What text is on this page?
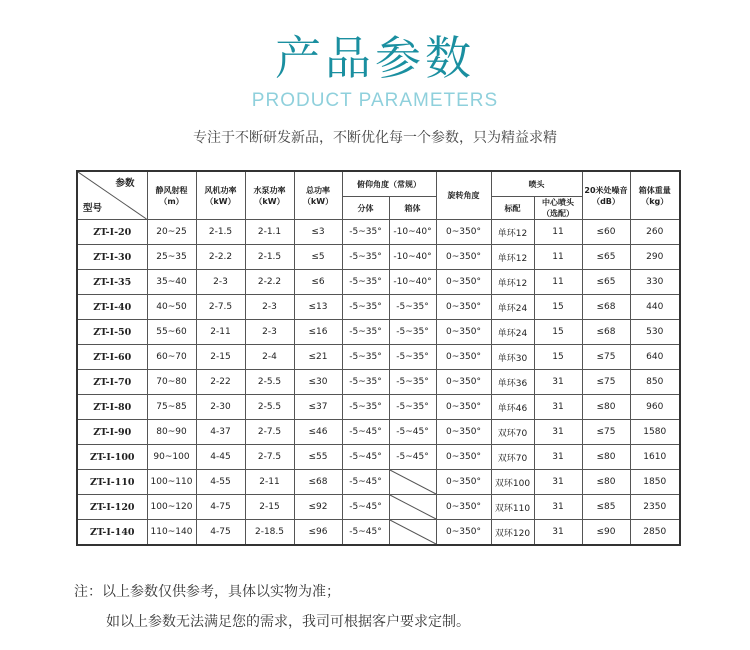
产品参数
PRODUCT PARAMETERS
专注于不断研发新品，不断优化每一个参数，只为精益求精
参数
型号	静风射程（m）	风机功率（kW）	水泵功率（kW）	总功率（kW）	俯仰角度（常规）		旋转角度	喷头		20米处噪音（dB）	箱体重量（kg）
					分体	箱体		标配	中心喷头（选配）		
ZT-I-20	20~25	2-1.5	2-1.1	≤3	-5~35°	-10~40°	0~350°	单环12	11	≤60	260
ZT-I-30	25~35	2-2.2	2-1.5	≤5	-5~35°	-10~40°	0~350°	单环12	11	≤65	290
ZT-I-35	35~40	2-3	2-2.2	≤6	-5~35°	-10~40°	0~350°	单环12	11	≤65	330
ZT-I-40	40~50	2-7.5	2-3	≤13	-5~35°	-5~35°	0~350°	单环24	15	≤68	440
ZT-I-50	55~60	2-11	2-3	≤16	-5~35°	-5~35°	0~350°	单环24	15	≤68	530
ZT-I-60	60~70	2-15	2-4	≤21	-5~35°	-5~35°	0~350°	单环30	15	≤75	640
ZT-I-70	70~80	2-22	2-5.5	≤30	-5~35°	-5~35°	0~350°	单环36	31	≤75	850
ZT-I-80	75~85	2-30	2-5.5	≤37	-5~35°	-5~35°	0~350°	单环46	31	≤80	960
ZT-I-90	80~90	4-37	2-7.5	≤46	-5~45°	-5~45°	0~350°	双环70	31	≤75	1580
ZT-I-100	90~100	4-45	2-7.5	≤55	-5~45°	-5~45°	0~350°	双环70	31	≤80	1610
ZT-I-110	100~110	4-55	2-11	≤68	-5~45°		0~350°	双环100	31	≤80	1850
ZT-I-120	100~120	4-75	2-15	≤92	-5~45°		0~350°	双环110	31	≤85	2350
ZT-I-140	110~140	4-75	2-18.5	≤96	-5~45°		0~350°	双环120	31	≤90	2850
注：以上参数仅供参考，具体以实物为准；
如以上参数无法满足您的需求，我司可根据客户要求定制。
